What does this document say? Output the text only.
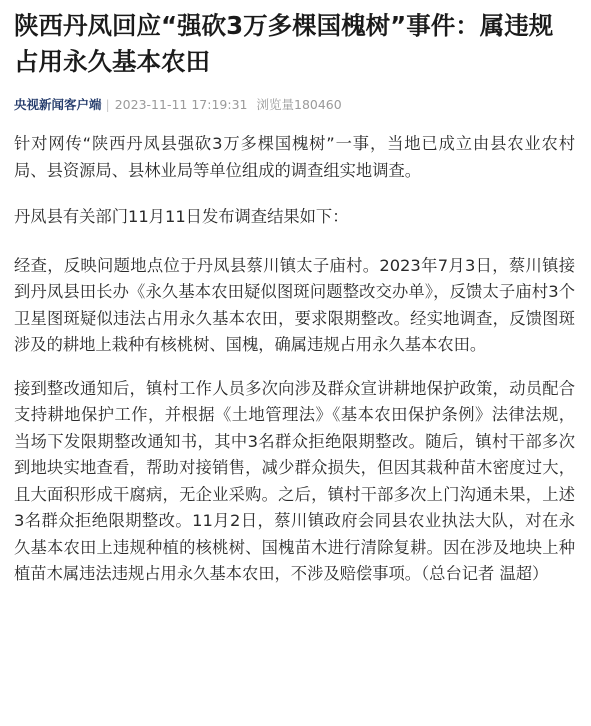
陕西丹凤回应“强砍3万多棵国槐树”事件：属违规占用永久基本农田
央视新闻客户端 | 2023-11-11 17:19:31 浏览量180460

针对网传“陕西丹凤县强砍3万多棵国槐树”一事，当地已成立由县农业农村局、县资源局、县林业局等单位组成的调查组实地调查。

丹凤县有关部门11月11日发布调查结果如下：

经查，反映问题地点位于丹凤县蔡川镇太子庙村。2023年7月3日，蔡川镇接到丹凤县田长办《永久基本农田疑似图斑问题整改交办单》，反馈太子庙村3个卫星图斑疑似违法占用永久基本农田，要求限期整改。经实地调查，反馈图斑涉及的耕地上栽种有核桃树、国槐，确属违规占用永久基本农田。

接到整改通知后，镇村工作人员多次向涉及群众宣讲耕地保护政策，动员配合支持耕地保护工作，并根据《土地管理法》《基本农田保护条例》法律法规，当场下发限期整改通知书，其中3名群众拒绝限期整改。随后，镇村干部多次到地块实地查看，帮助对接销售，减少群众损失，但因其栽种苗木密度过大，且大面积形成干腐病，无企业采购。之后，镇村干部多次上门沟通未果，上述3名群众拒绝限期整改。11月2日，蔡川镇政府会同县农业执法大队，对在永久基本农田上违规种植的核桃树、国槐苗木进行清除复耕。因在涉及地块上种植苗木属违法违规占用永久基本农田，不涉及赔偿事项。（总台记者 温超）
